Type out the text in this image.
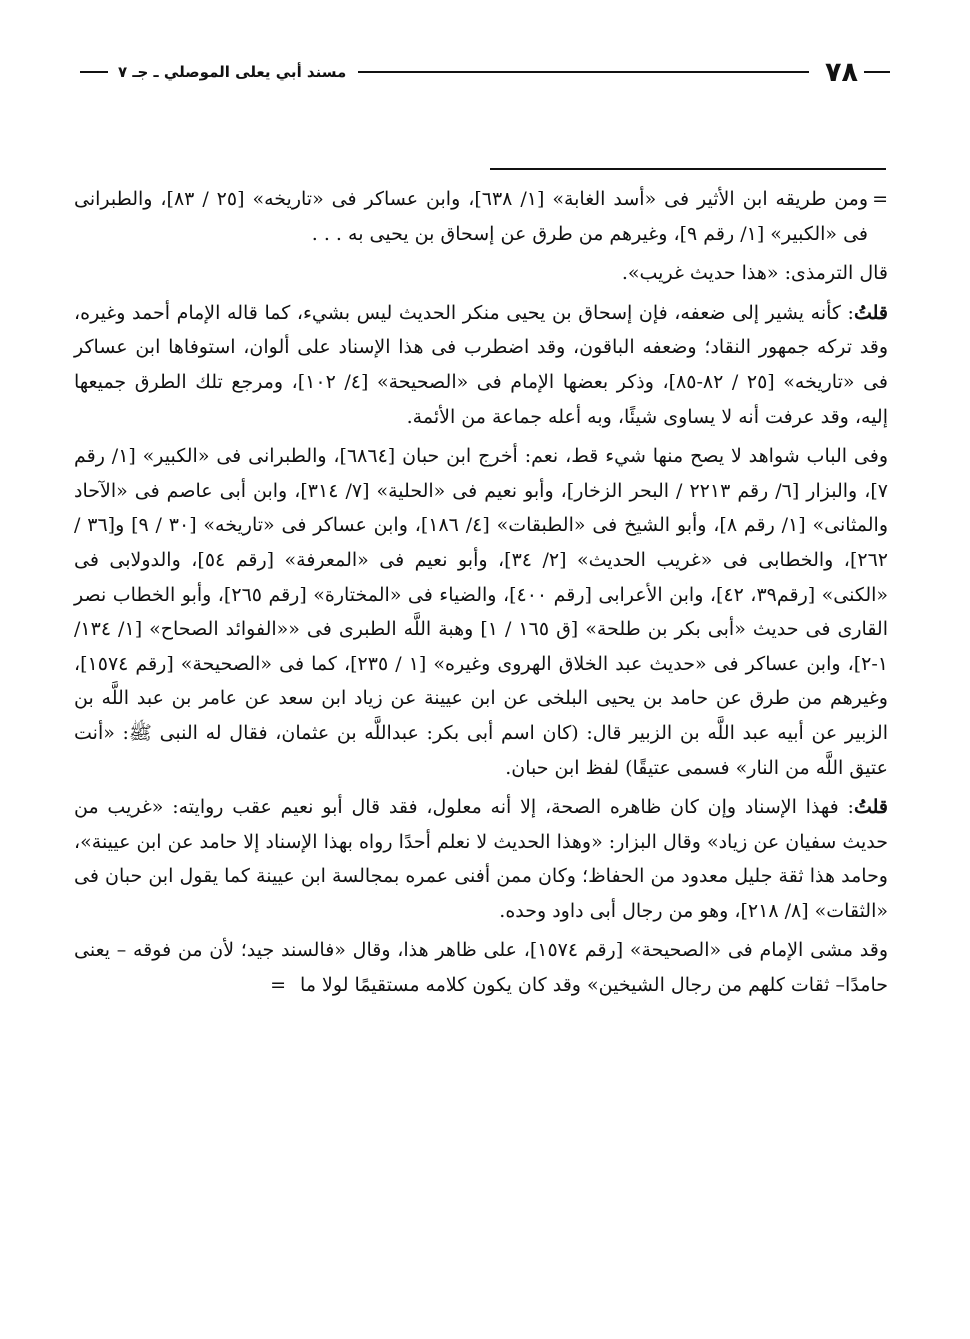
٧٨
مسند أبي يعلى الموصلي ـ جـ ٧

=
ومن طريقه ابن الأثير فى «أسد الغابة» [١/ ٦٣٨]، وابن عساكر فى «تاريخه» [٢٥ / ٨٣]، والطبرانى فى «الكبير» [١/ رقم ٩]، وغيرهم من طرق عن إسحاق بن يحيى به . . .

قال الترمذى: «هذا حديث غريب».

قلتُ: كأنه يشير إلى ضعفه، فإن إسحاق بن يحيى منكر الحديث ليس بشيء، كما قاله الإمام أحمد وغيره، وقد تركه جمهور النقاد؛ وضعفه الباقون، وقد اضطرب فى هذا الإسناد على ألوان، استوفاها ابن عساكر فى «تاريخه» [٢٥ / ٨٢-٨٥]، وذكر بعضها الإمام فى «الصحيحة» [٤/ ١٠٢]، ومرجع تلك الطرق جميعها إليه، وقد عرفت أنه لا يساوى شيئًا، وبه أعله جماعة من الأئمة.

وفى الباب شواهد لا يصح منها شيء قط، نعم: أخرج ابن حبان [٦٨٦٤]، والطبرانى فى «الكبير» [١/ رقم ٧]، والبزار [٦/ رقم ٢٢١٣ / البحر الزخار]، وأبو نعيم فى «الحلية» [٧/ ٣١٤]، وابن أبى عاصم فى «الآحاد والمثانى» [١/ رقم ٨]، وأبو الشيخ فى «الطبقات» [٤/ ١٨٦]، وابن عساكر فى «تاريخه» [٣٠ / ٩] و[٣٦ / ٢٦٢]، والخطابى فى «غريب الحديث» [٢/ ٣٤]، وأبو نعيم فى «المعرفة» [رقم ٥٤]، والدولابى فى «الكنى» [رقم٣٩، ٤٢]، وابن الأعرابى [رقم ٤٠٠]، والضياء فى «المختارة» [رقم ٢٦٥]، وأبو الخطاب نصر القارى فى حديث «أبى بكر بن طلحة» [ق ١٦٥ / ١] وهبة اللَّه الطبرى فى ««الفوائد الصحاح» [١/ ١٣٤/ ١-٢]، وابن عساكر فى «حديث عبد الخلاق الهروى وغيره» [١ / ٢٣٥]، كما فى «الصحيحة» [رقم ١٥٧٤]، وغيرهم من طرق عن حامد بن يحيى البلخى عن ابن عيينة عن زياد ابن سعد عن عامر بن عبد اللَّه بن الزبير عن أبيه عبد اللَّه بن الزبير قال: (كان اسم أبى بكر: عبداللَّه بن عثمان، فقال له النبى ﷺ: «أنت عتيق اللَّه من النار» فسمى عتيقًا) لفظ ابن حبان.

قلتُ: فهذا الإسناد وإن كان ظاهره الصحة، إلا أنه معلول، فقد قال أبو نعيم عقب روايته: «غريب من حديث سفيان عن زياد» وقال البزار: «وهذا الحديث لا نعلم أحدًا رواه بهذا الإسناد إلا حامد عن ابن عيينة»، وحامد هذا ثقة جليل معدود من الحفاظ؛ وكان ممن أفنى عمره بمجالسة ابن عيينة كما يقول ابن حبان فى «الثقات» [٨/ ٢١٨]، وهو من رجال أبى داود وحده.

وقد مشى الإمام فى «الصحيحة» [رقم ١٥٧٤]، على ظاهر هذا، وقال «فالسند جيد؛ لأن من فوقه – يعنى حامدًا– ثقات كلهم من رجال الشيخين» وقد كان يكون كلامه مستقيمًا لولا ما =
